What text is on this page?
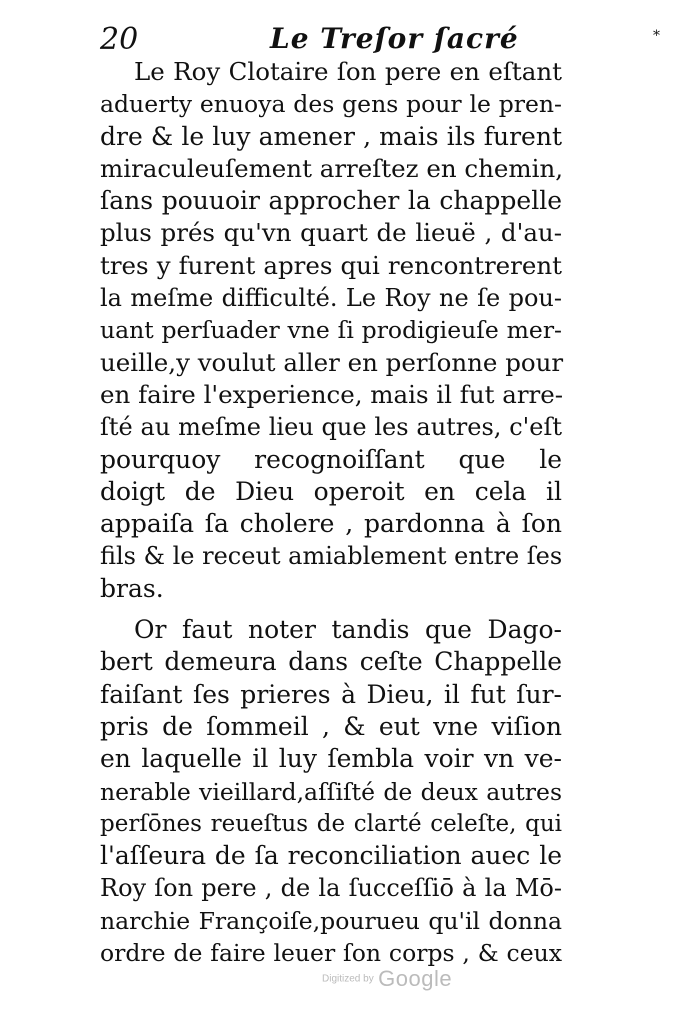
20	Le Treſor ſacré	*
Le Roy Clotaire ſon pere en eſtant
aduerty enuoya des gens pour le pren-
dre & le luy amener , mais ils furent
miraculeuſement arreſtez en chemin,
ſans pouuoir approcher la chappelle
plus prés qu'vn quart de lieuë , d'au-
tres y furent apres qui rencontrerent
la meſme difficulté. Le Roy ne ſe pou-
uant perſuader vne ſi prodigieuſe mer-
ueille,y voulut aller en perſonne pour
en faire l'experience, mais il fut arre-
ſté au meſme lieu que les autres, c'eſt
pourquoy recognoiſſant que le
doigt de Dieu operoit en cela il
appaiſa ſa cholere , pardonna à ſon
fils & le receut amiablement entre ſes
bras.
Or faut noter tandis que Dago-
bert demeura dans ceſte Chappelle
faiſant ſes prieres à Dieu, il fut ſur-
pris de ſommeil , & eut vne viſion
en laquelle il luy ſembla voir vn ve-
nerable vieillard,aſſiſté de deux autres
perſōnes reueſtus de clarté celeſte, qui
l'aſſeura de ſa reconciliation auec le
Roy ſon pere , de la ſucceſſiō à la Mō-
narchie Françoiſe,pourueu qu'il donna
ordre de faire leuer ſon corps , & ceux
Digitized by Google
